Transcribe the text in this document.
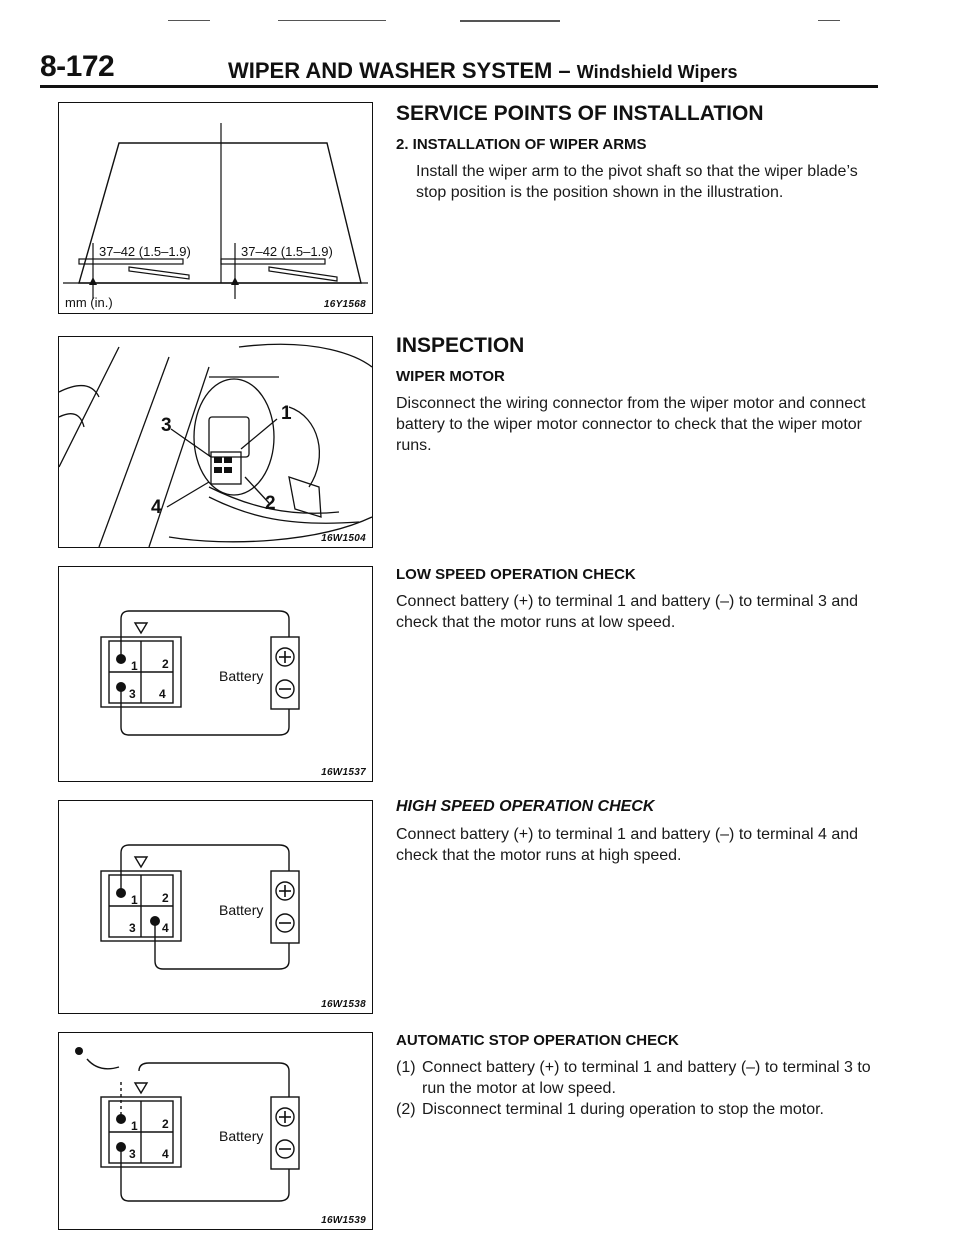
8-172	WIPER AND WASHER SYSTEM – Windshield Wipers
37–42 (1.5–1.9)	37–42 (1.5–1.9)
mm (in.)	16Y1568
1
2
3
4
16W1504
1 2
3 4
Battery
16W1537
1 2
3 4
Battery
16W1538
1 2
3 4
Battery
16W1539
SERVICE POINTS OF INSTALLATION
2. INSTALLATION OF WIPER ARMS

Install the wiper arm to the pivot shaft so that the wiper blade’s stop position is the position shown in the illustration.

INSPECTION
WIPER MOTOR

Disconnect the wiring connector from the wiper motor and connect battery to the wiper motor connector to check that the wiper motor runs.

LOW SPEED OPERATION CHECK

Connect battery (+) to terminal 1 and battery (–) to terminal 3 and check that the motor runs at low speed.

HIGH SPEED OPERATION CHECK

Connect battery (+) to terminal 1 and battery (–) to terminal 4 and check that the motor runs at high speed.

AUTOMATIC STOP OPERATION CHECK
(1) Connect battery (+) to terminal 1 and battery (–) to terminal 3 to run the motor at low speed.
(2) Disconnect terminal 1 during operation to stop the motor.
